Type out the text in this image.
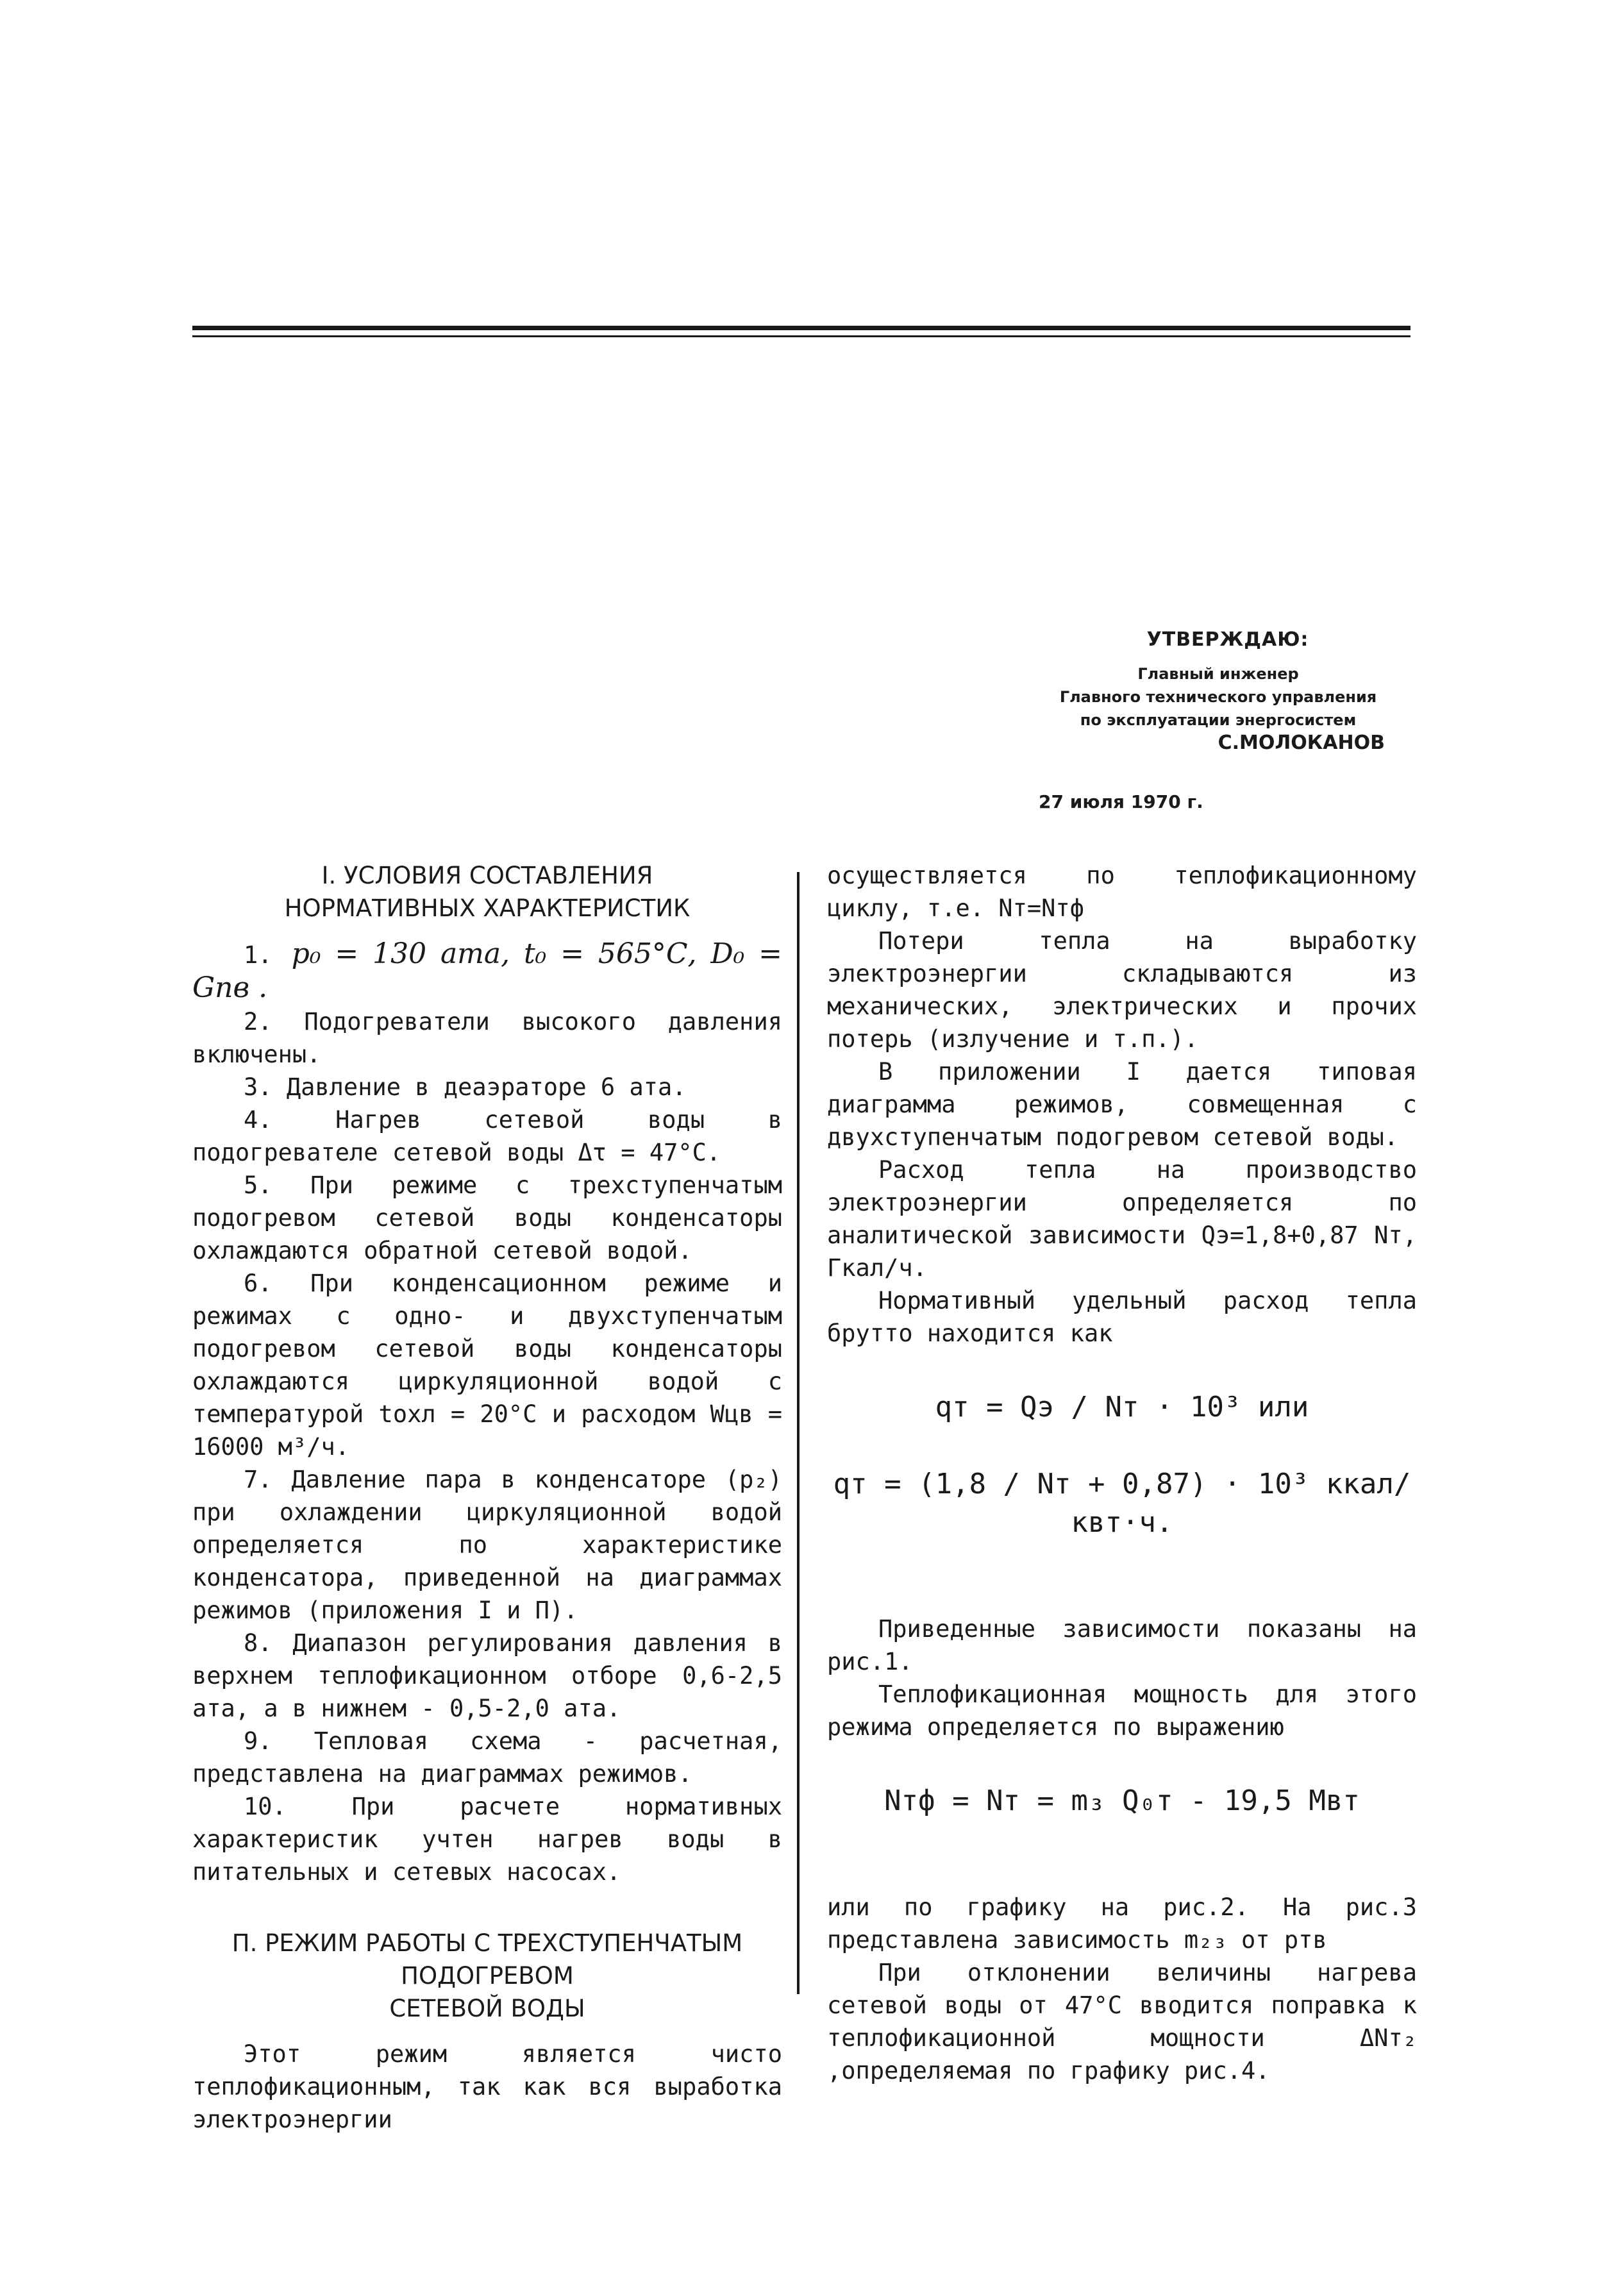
УТВЕРЖДАЮ:
Главный инженер
Главного технического управления
по эксплуатации энергосистем
С.МОЛОКАНОВ
27 июля 1970 г.
I. УСЛОВИЯ СОСТАВЛЕНИЯ
НОРМАТИВНЫХ ХАРАКТЕРИСТИК
1. p₀ = 130 ата, t₀ = 565°С, D₀ = Gпв .
2. Подогреватели высокого давления включены.
3. Давление в деаэраторе 6 ата.
4. Нагрев сетевой воды в подогревателе сетевой воды Δτ = 47°С.
5. При режиме с трехступенчатым подогревом сетевой воды конденсаторы охлаждаются обратной сетевой водой.
6. При конденсационном режиме и режимах с одно- и двухступенчатым подогревом сетевой воды конденсаторы охлаждаются циркуляционной водой с температурой tохл = 20°С и расходом Wцв = 16000 м³/ч.
7. Давление пара в конденсаторе (p₂) при охлаждении циркуляционной водой определяется по характеристике конденсатора, приведенной на диаграммах режимов (приложения I и П).
8. Диапазон регулирования давления в верхнем теплофикационном отборе 0,6-2,5 ата, а в нижнем - 0,5-2,0 ата.
9. Тепловая схема - расчетная, представлена на диаграммах режимов.
10. При расчете нормативных характеристик учтен нагрев воды в питательных и сетевых насосах.
П. РЕЖИМ РАБОТЫ С ТРЕХСТУПЕНЧАТЫМ ПОДОГРЕВОМ
СЕТЕВОЙ ВОДЫ
Этот режим является чисто теплофикационным, так как вся выработка электроэнергии
осуществляется по теплофикационному циклу, т.е. Nт=Nтф
Потери тепла на выработку электроэнергии складываются из механических, электрических и прочих потерь (излучение и т.п.).
В приложении I дается типовая диаграмма режимов, совмещенная с двухступенчатым подогревом сетевой воды.
Расход тепла на производство электроэнергии определяется по аналитической зависимости Qэ=1,8+0,87 Nт, Гкал/ч.
Нормативный удельный расход тепла брутто находится как
qт = Qэ / Nт · 10³ или
qт = (1,8 / Nт + 0,87) · 10³ ккал/квт·ч.
Приведенные зависимости показаны на рис.1.
Теплофикационная мощность для этого режима определяется по выражению
Nтф = Nт = m₃ Q₀т - 19,5 Мвт
или по графику на рис.2. На рис.3 представлена зависимость m₂₃ от pтв
При отклонении величины нагрева сетевой воды от 47°С вводится поправка к теплофикационной мощности ΔNт₂ ,определяемая по графику рис.4.
